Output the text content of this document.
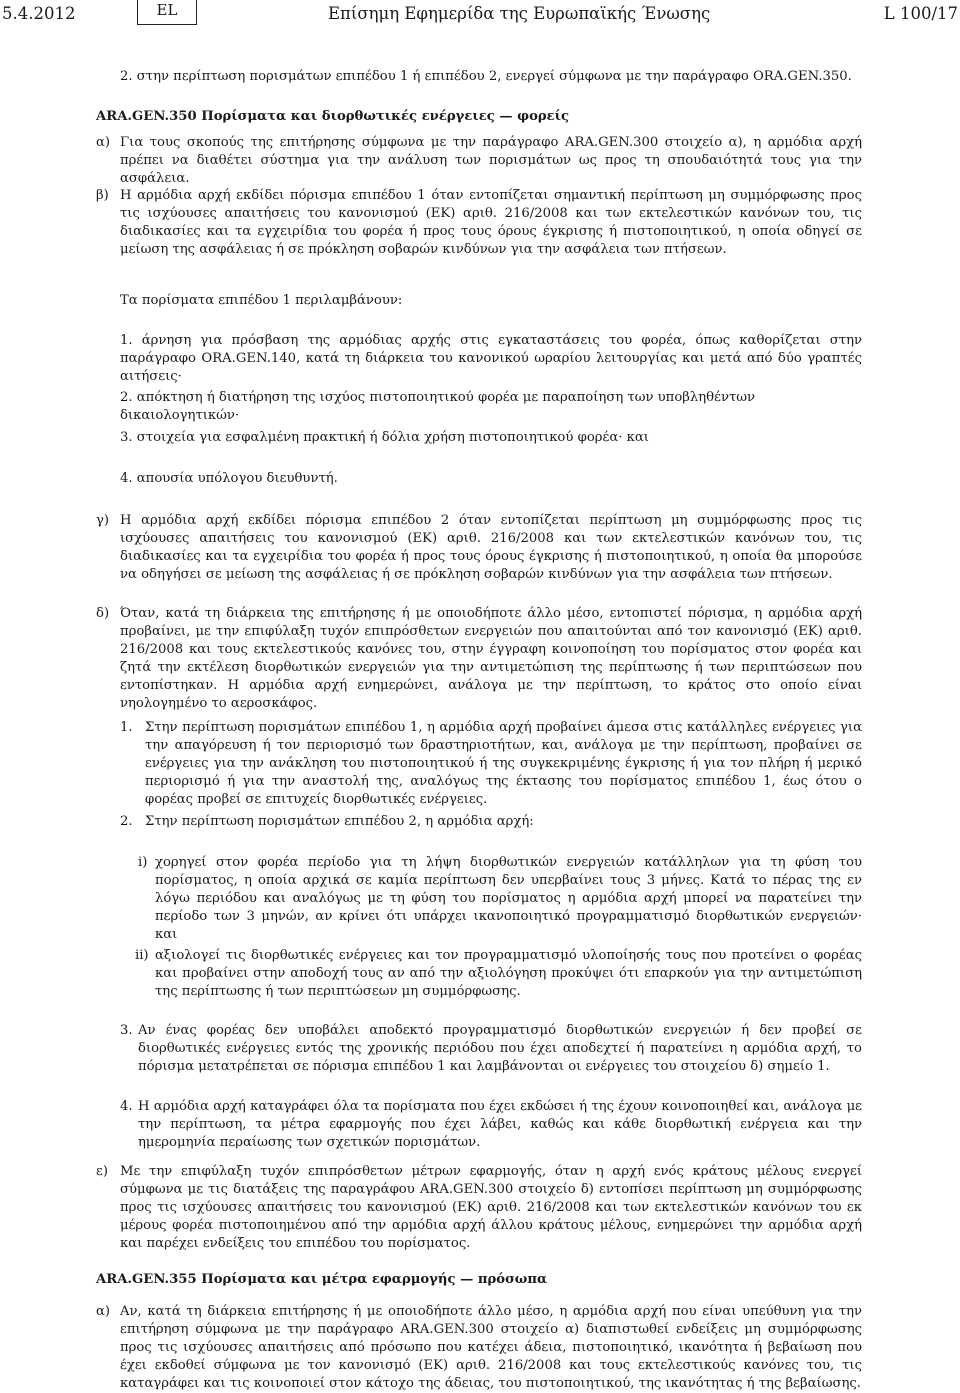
5.4.2012	EL	Επίσημη Εφημερίδα της Ευρωπαϊκής Ένωσης	L 100/17
2. στην περίπτωση πορισμάτων επιπέδου 1 ή επιπέδου 2, ενεργεί σύμφωνα με την παράγραφο ORA.GEN.350.
ARA.GEN.350 Πορίσματα και διορθωτικές ενέργειες — φορείς
α) Για τους σκοπούς της επιτήρησης σύμφωνα με την παράγραφο ARA.GEN.300 στοιχείο α), η αρμόδια αρχή πρέπει να διαθέτει σύστημα για την ανάλυση των πορισμάτων ως προς τη σπουδαιότητά τους για την ασφάλεια.
β) Η αρμόδια αρχή εκδίδει πόρισμα επιπέδου 1 όταν εντοπίζεται σημαντική περίπτωση μη συμμόρφωσης προς τις ισχύουσες απαιτήσεις του κανονισμού (ΕΚ) αριθ. 216/2008 και των εκτελεστικών κανόνων του, τις διαδικασίες και τα εγχειρίδια του φορέα ή προς τους όρους έγκρισης ή πιστοποιητικού, η οποία οδηγεί σε μείωση της ασφάλειας ή σε πρόκληση σοβαρών κινδύνων για την ασφάλεια των πτήσεων.
Τα πορίσματα επιπέδου 1 περιλαμβάνουν:
1. άρνηση για πρόσβαση της αρμόδιας αρχής στις εγκαταστάσεις του φορέα, όπως καθορίζεται στην παράγραφο ORA.GEN.140, κατά τη διάρκεια του κανονικού ωραρίου λειτουργίας και μετά από δύο γραπτές αιτήσεις·
2. απόκτηση ή διατήρηση της ισχύος πιστοποιητικού φορέα με παραποίηση των υποβληθέντων δικαιολογητικών·
3. στοιχεία για εσφαλμένη πρακτική ή δόλια χρήση πιστοποιητικού φορέα· και
4. απουσία υπόλογου διευθυντή.
γ) Η αρμόδια αρχή εκδίδει πόρισμα επιπέδου 2 όταν εντοπίζεται περίπτωση μη συμμόρφωσης προς τις ισχύουσες απαιτήσεις του κανονισμού (ΕΚ) αριθ. 216/2008 και των εκτελεστικών κανόνων του, τις διαδικασίες και τα εγχειρίδια του φορέα ή προς τους όρους έγκρισης ή πιστοποιητικού, η οποία θα μπορούσε να οδηγήσει σε μείωση της ασφάλειας ή σε πρόκληση σοβαρών κινδύνων για την ασφάλεια των πτήσεων.
δ) Όταν, κατά τη διάρκεια της επιτήρησης ή με οποιοδήποτε άλλο μέσο, εντοπιστεί πόρισμα, η αρμόδια αρχή προβαίνει, με την επιφύλαξη τυχόν επιπρόσθετων ενεργειών που απαιτούνται από τον κανονισμό (ΕΚ) αριθ. 216/2008 και τους εκτελεστικούς κανόνες του, στην έγγραφη κοινοποίηση του πορίσματος στον φορέα και ζητά την εκτέλεση διορθωτικών ενεργειών για την αντιμετώπιση της περίπτωσης ή των περιπτώσεων που εντοπίστηκαν. Η αρμόδια αρχή ενημερώνει, ανάλογα με την περίπτωση, το κράτος στο οποίο είναι νηολογημένο το αεροσκάφος.
1. Στην περίπτωση πορισμάτων επιπέδου 1, η αρμόδια αρχή προβαίνει άμεσα στις κατάλληλες ενέργειες για την απαγόρευση ή τον περιορισμό των δραστηριοτήτων, και, ανάλογα με την περίπτωση, προβαίνει σε ενέργειες για την ανάκληση του πιστοποιητικού ή της συγκεκριμένης έγκρισης ή για τον πλήρη ή μερικό περιορισμό ή για την αναστολή της, αναλόγως της έκτασης του πορίσματος επιπέδου 1, έως ότου ο φορέας προβεί σε επιτυχείς διορθωτικές ενέργειες.
2. Στην περίπτωση πορισμάτων επιπέδου 2, η αρμόδια αρχή:
i) χορηγεί στον φορέα περίοδο για τη λήψη διορθωτικών ενεργειών κατάλληλων για τη φύση του πορίσματος, η οποία αρχικά σε καμία περίπτωση δεν υπερβαίνει τους 3 μήνες. Κατά το πέρας της εν λόγω περιόδου και αναλόγως με τη φύση του πορίσματος η αρμόδια αρχή μπορεί να παρατείνει την περίοδο των 3 μηνών, αν κρίνει ότι υπάρχει ικανοποιητικό προγραμματισμό διορθωτικών ενεργειών· και
ii) αξιολογεί τις διορθωτικές ενέργειες και τον προγραμματισμό υλοποίησής τους που προτείνει ο φορέας και προβαίνει στην αποδοχή τους αν από την αξιολόγηση προκύψει ότι επαρκούν για την αντιμετώπιση της περίπτωσης ή των περιπτώσεων μη συμμόρφωσης.
3. Αν ένας φορέας δεν υποβάλει αποδεκτό προγραμματισμό διορθωτικών ενεργειών ή δεν προβεί σε διορθωτικές ενέργειες εντός της χρονικής περιόδου που έχει αποδεχτεί ή παρατείνει η αρμόδια αρχή, το πόρισμα μετατρέπεται σε πόρισμα επιπέδου 1 και λαμβάνονται οι ενέργειες του στοιχείου δ) σημείο 1.
4. Η αρμόδια αρχή καταγράφει όλα τα πορίσματα που έχει εκδώσει ή της έχουν κοινοποιηθεί και, ανάλογα με την περίπτωση, τα μέτρα εφαρμογής που έχει λάβει, καθώς και κάθε διορθωτική ενέργεια και την ημερομηνία περαίωσης των σχετικών πορισμάτων.
ε) Με την επιφύλαξη τυχόν επιπρόσθετων μέτρων εφαρμογής, όταν η αρχή ενός κράτους μέλους ενεργεί σύμφωνα με τις διατάξεις της παραγράφου ARA.GEN.300 στοιχείο δ) εντοπίσει περίπτωση μη συμμόρφωσης προς τις ισχύουσες απαιτήσεις του κανονισμού (ΕΚ) αριθ. 216/2008 και των εκτελεστικών κανόνων του εκ μέρους φορέα πιστοποιημένου από την αρμόδια αρχή άλλου κράτους μέλους, ενημερώνει την αρμόδια αρχή και παρέχει ενδείξεις του επιπέδου του πορίσματος.
ARA.GEN.355 Πορίσματα και μέτρα εφαρμογής — πρόσωπα
α) Αν, κατά τη διάρκεια επιτήρησης ή με οποιοδήποτε άλλο μέσο, η αρμόδια αρχή που είναι υπεύθυνη για την επιτήρηση σύμφωνα με την παράγραφο ARA.GEN.300 στοιχείο α) διαπιστωθεί ενδείξεις μη συμμόρφωσης προς τις ισχύουσες απαιτήσεις από πρόσωπο που κατέχει άδεια, πιστοποιητικό, ικανότητα ή βεβαίωση που έχει εκδοθεί σύμφωνα με τον κανονισμό (ΕΚ) αριθ. 216/2008 και τους εκτελεστικούς κανόνες του, τις καταγράφει και τις κοινοποιεί στον κάτοχο της άδειας, του πιστοποιητικού, της ικανότητας ή της βεβαίωσης.
